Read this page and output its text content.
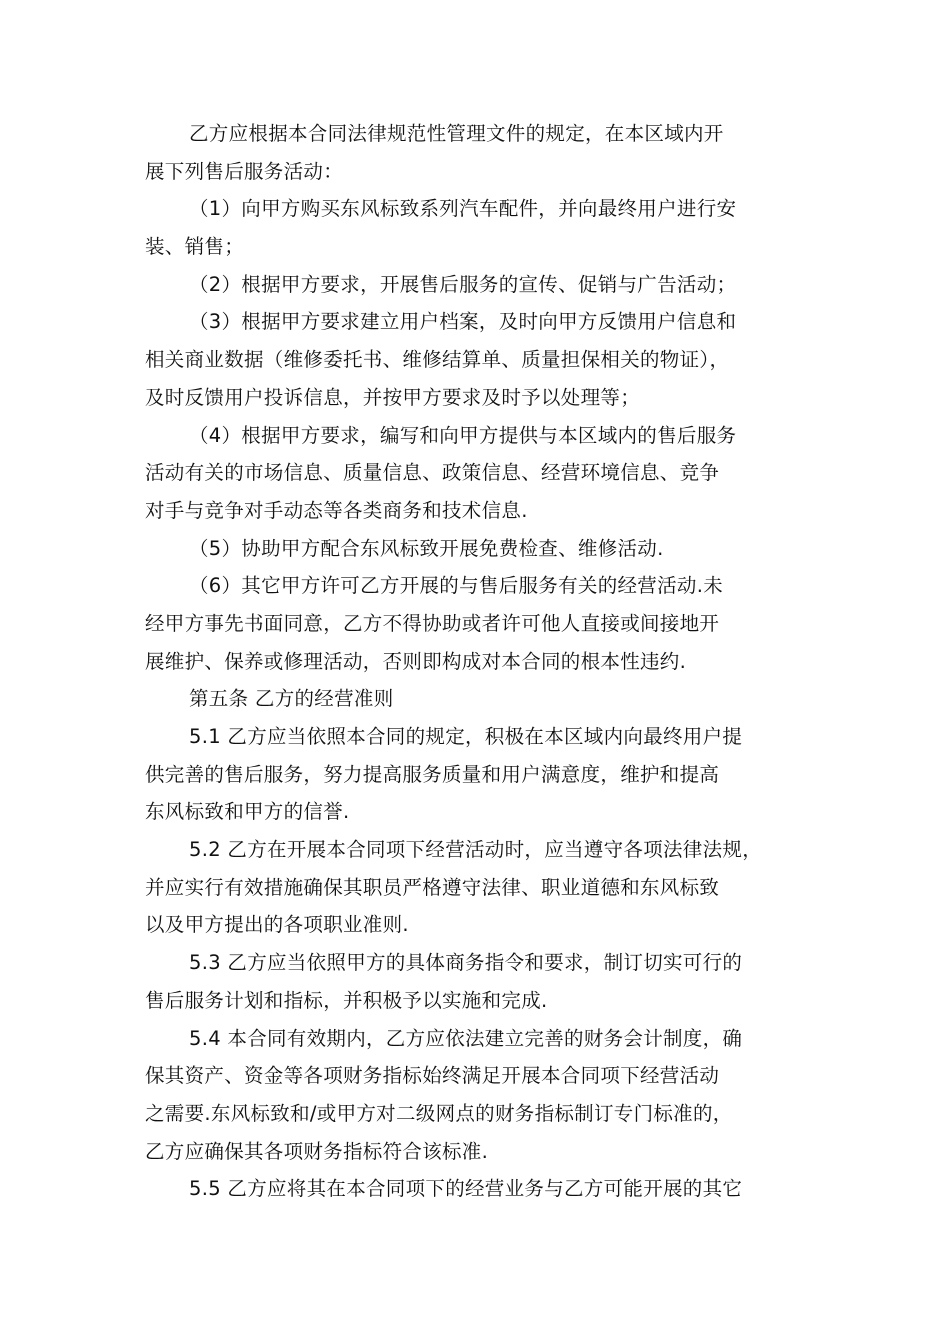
乙方应根据本合同法律规范性管理文件的规定，在本区域内开
展下列售后服务活动：
（1）向甲方购买东风标致系列汽车配件，并向最终用户进行安
装、销售；
（2）根据甲方要求，开展售后服务的宣传、促销与广告活动；
（3）根据甲方要求建立用户档案，及时向甲方反馈用户信息和
相关商业数据（维修委托书、维修结算单、质量担保相关的物证），
及时反馈用户投诉信息，并按甲方要求及时予以处理等；
（4）根据甲方要求，编写和向甲方提供与本区域内的售后服务
活动有关的市场信息、质量信息、政策信息、经营环境信息、竞争
对手与竞争对手动态等各类商务和技术信息.
（5）协助甲方配合东风标致开展免费检查、维修活动.
（6）其它甲方许可乙方开展的与售后服务有关的经营活动.未
经甲方事先书面同意，乙方不得协助或者许可他人直接或间接地开
展维护、保养或修理活动，否则即构成对本合同的根本性违约.
第五条 乙方的经营准则
5.1 乙方应当依照本合同的规定，积极在本区域内向最终用户提
供完善的售后服务，努力提高服务质量和用户满意度，维护和提高
东风标致和甲方的信誉.
5.2 乙方在开展本合同项下经营活动时，应当遵守各项法律法规，
并应实行有效措施确保其职员严格遵守法律、职业道德和东风标致
以及甲方提出的各项职业准则.
5.3 乙方应当依照甲方的具体商务指令和要求，制订切实可行的
售后服务计划和指标，并积极予以实施和完成.
5.4 本合同有效期内，乙方应依法建立完善的财务会计制度，确
保其资产、资金等各项财务指标始终满足开展本合同项下经营活动
之需要.东风标致和/或甲方对二级网点的财务指标制订专门标准的，
乙方应确保其各项财务指标符合该标准.
5.5 乙方应将其在本合同项下的经营业务与乙方可能开展的其它
